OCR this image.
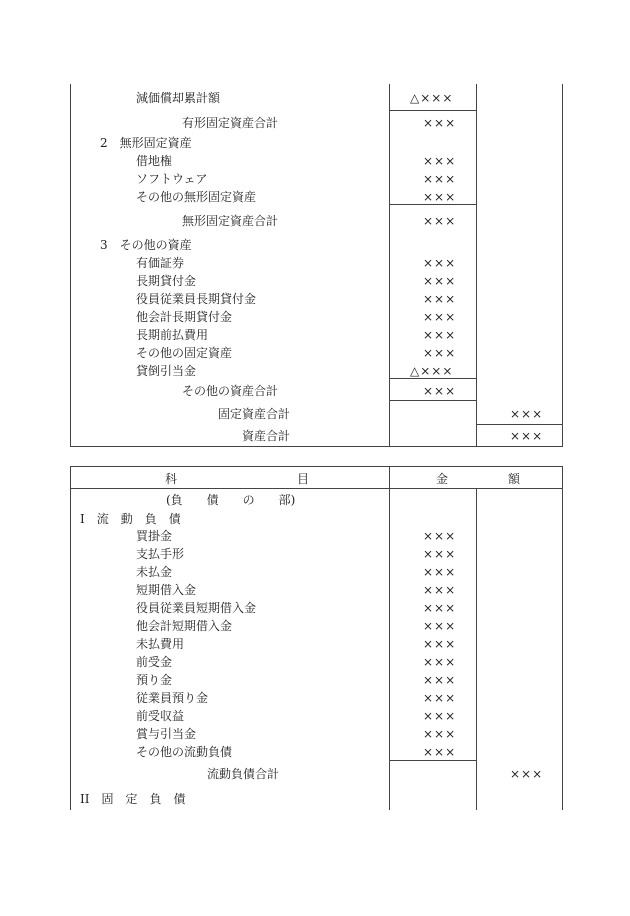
減価償却累計額
有形固定資産合計
2　無形固定資産
借地権
ソフトウェア
その他の無形固定資産
無形固定資産合計
3　その他の資産
有価証券
長期貸付金
役員従業員長期貸付金
他会計長期貸付金
長期前払費用
その他の固定資産
貸倒引当金
その他の資産合計
固定資産合計
資産合計
△×××
×××
×××
×××
×××
×××
×××
×××
×××
×××
×××
×××
△×××
×××
×××
×××
科　　　　　　　　　　目	金　　　　　額
(負　　債　　の　　部)
I　流　動　負　債
買掛金
支払手形
未払金
短期借入金
役員従業員短期借入金
他会計短期借入金
未払費用
前受金
預り金
従業員預り金
前受収益
賞与引当金
その他の流動負債
流動負債合計
II　固　定　負　債
×××
×××
×××
×××
×××
×××
×××
×××
×××
×××
×××
×××
×××
×××
